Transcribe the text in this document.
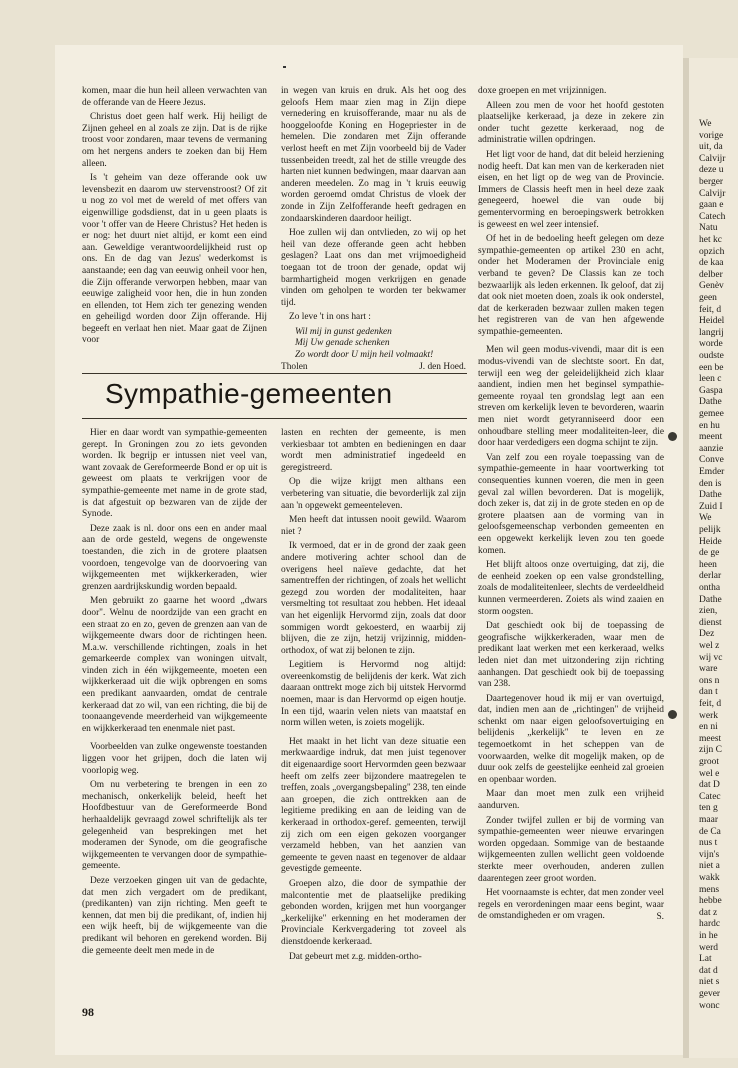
komen, maar die hun heil alleen verwachten van de offerande van de Heere Jezus.

Christus doet geen half werk. Hij heiligt de Zijnen geheel en al zoals ze zijn. Dat is de rijke troost voor zondaren, maar tevens de vermaning om het nergens anders te zoeken dan bij Hem alleen.

Is 't geheim van deze offerande ook uw levensbezit en daarom uw stervenstroost? Of zit u nog zo vol met de wereld of met offers van eigenwillige godsdienst, dat in u geen plaats is voor 't offer van de Heere Christus? Het heden is er nog: het duurt niet altijd, er komt een eind aan. Geweldige verantwoordelijkheid rust op ons. En de dag van Jezus' wederkomst is aanstaande; een dag van eeuwig onheil voor hen, die Zijn offerande verworpen hebben, maar van eeuwige zaligheid voor hen, die in hun zonden en ellenden, tot Hem zich ter genezing wenden en geheiligd worden door Zijn offerande. Hij begeeft en verlaat hen niet. Maar gaat de Zijnen voor

in wegen van kruis en druk. Als het oog des geloofs Hem maar zien mag in Zijn diepe vernedering en kruisofferande, maar nu als de hooggeloofde Koning en Hogepriester in de hemelen. Die zondaren met Zijn offerande verlost heeft en met Zijn voorbeeld bij de Vader tussenbeiden treedt, zal het de stille vreugde des harten niet kunnen bedwingen, maar daarvan aan anderen meedelen. Zo mag in 't kruis eeuwig worden geroemd omdat Christus de vloek der zonde in Zijn Zelfofferande heeft gedragen en zondaarskinderen daardoor heiligt.

Hoe zullen wij dan ontvlieden, zo wij op het heil van deze offerande geen acht hebben geslagen? Laat ons dan met vrijmoedigheid toegaan tot de troon der genade, opdat wij barmhartigheid mogen verkrijgen en genade vinden om geholpen te worden ter bekwamer tijd.

Zo leve 't in ons hart :

Wil mij in gunst gedenken

Mij Uw genade schenken

Zo wordt door U mijn heil volmaakt!

Tholen	J. den Hoed.
Sympathie-gemeenten

doxe groepen en met vrijzinnigen.

Alleen zou men de voor het hoofd gestoten plaatselijke kerkeraad, ja deze in zekere zin onder tucht gezette kerkeraad, nog de administratie willen opdringen.

Het ligt voor de hand, dat dit beleid herziening nodig heeft. Dat kan men van de kerkeraden niet eisen, en het ligt op de weg van de Provincie. Immers de Classis heeft men in heel deze zaak genegeerd, hoewel die van oude bij gementervorming en beroepingswerk betrokken is geweest en wel zeer intensief.

Of het in de bedoeling heeft gelegen om deze sympathie-gemeenten op artikel 230 en acht, onder het Moderamen der Provinciale enig verband te geven? De Classis kan ze toch bezwaarlijk als leden erkennen. Ik geloof, dat zij dat ook niet moeten doen, zoals ik ook onderstel, dat de kerkeraden bezwaar zullen maken tegen het registreren van de van hen afgewende sympathie-gemeenten.

Men wil geen modus-vivendi, maar dit is een modus-vivendi van de slechtste soort. En dat, terwijl een weg der geleidelijkheid zich klaar aandient, indien men het beginsel sympathie-gemeente royaal ten grondslag legt aan een streven om kerkelijk leven te bevorderen, waarin men niet wordt getyranniseerd door een onhoudbare stelling meer modaliteiten-leer, die door haar verdedigers een dogma schijnt te zijn.

Van zelf zou een royale toepassing van de sympathie-gemeente in haar voortwerking tot consequenties kunnen voeren, die men in geen geval zal willen bevorderen. Dat is mogelijk, doch zeker is, dat zij in de grote steden en op de grotere plaatsen aan de vorming van in geloofsgemeenschap verbonden gemeenten en een opgewekt kerkelijk leven zou ten goede komen.

Het blijft altoos onze overtuiging, dat zij, die de eenheid zoeken op een valse grondstelling, zoals de modaliteitenleer, slechts de verdeeldheid kunnen vermeerderen. Zoiets als wind zaaien en storm oogsten.

Dat geschiedt ook bij de toepassing de geografische wijkkerkeraden, waar men de predikant laat werken met een kerkeraad, welks leden niet dan met uitzondering zijn richting aanhangen. Dat geschiedt ook bij de toepassing van 238.

Daartegenover houd ik mij er van overtuigd, dat, indien men aan de „richtingen" de vrijheid schenkt om naar eigen geloofsovertuiging en belijdenis „kerkelijk" te leven en ze tegemoetkomt in het scheppen van de voorwaarden, welke dit mogelijk maken, op de duur ook zelfs de geestelijke eenheid zal groeien en openbaar worden.

Maar dan moet men zulk een vrijheid aandurven.

Zonder twijfel zullen er bij de vorming van sympathie-gemeenten weer nieuwe ervaringen worden opgedaan. Sommige van de bestaande wijkgemeenten zullen wellicht geen voldoende sterkte meer overhouden, anderen zullen daarentegen zeer groot worden.

Het voornaamste is echter, dat men zonder veel regels en verordeningen maar eens begint, waar de omstandigheden er om vragen.	S.

Hier en daar wordt van sympathie-gemeenten gerept. In Groningen zou zo iets gevonden worden. Ik begrijp er intussen niet veel van, want zovaak de Gereformeerde Bond er op uit is geweest om plaats te verkrijgen voor de sympathie-gemeente met name in de grote stad, is dat afgestuit op bezwaren van de zijde der Synode.

Deze zaak is nl. door ons een en ander maal aan de orde gesteld, wegens de ongewenste toestanden, die zich in de grotere plaatsen voordoen, tengevolge van de doorvoering van wijkgemeenten met wijkkerkeraden, wier grenzen aardrijkskundig worden bepaald.

Men gebruikt zo gaarne het woord „dwars door". Welnu de noordzijde van een gracht en een straat zo en zo, geven de grenzen aan van de wijkgemeente dwars door de richtingen heen. M.a.w. verschillende richtingen, zoals in het gemarkeerde complex van woningen uitvalt, vinden zich in één wijkgemeente, moeten een wijkkerkeraad uit die wijk opbrengen en soms een predikant aanvaarden, omdat de centrale kerkeraad dat zo wil, van een richting, die bij de toonaangevende meerderheid van wijkgemeente en wijkkerkeraad ten enenmale niet past.

Voorbeelden van zulke ongewenste toestanden liggen voor het grijpen, doch die laten wij voorlopig weg.

Om nu verbetering te brengen in een zo mechanisch, onkerkelijk beleid, heeft het Hoofdbestuur van de Gereformeerde Bond herhaaldelijk gevraagd zowel schriftelijk als ter gelegenheid van besprekingen met het moderamen der Synode, om die geografische wijkgemeenten te vervangen door de sympathie-gemeente.

Deze verzoeken gingen uit van de gedachte, dat men zich vergadert om de predikant, (predikanten) van zijn richting. Men geeft te kennen, dat men bij die predikant, of, indien hij een wijk heeft, bij de wijkgemeente van die predikant wil behoren en gerekend worden. Bij die gemeente deelt men mede in de

lasten en rechten der gemeente, is men verkiesbaar tot ambten en bedieningen en daar wordt men administratief ingedeeld en geregistreerd.

Op die wijze krijgt men althans een verbetering van situatie, die bevorderlijk zal zijn aan 'n opgewekt gemeenteleven.

Men heeft dat intussen nooit gewild. Waarom niet ?

Ik vermoed, dat er in de grond der zaak geen andere motivering achter school dan de overigens heel naïeve gedachte, dat het samentreffen der richtingen, of zoals het wellicht gezegd zou worden der modaliteiten, haar versmelting tot resultaat zou hebben. Het ideaal van het eigenlijk Hervormd zijn, zoals dat door sommigen wordt gekoesterd, en waarbij zij blijven, die ze zijn, hetzij vrijzinnig, midden-orthodox, of wat zij belonen te zijn.

Legitiem is Hervormd nog altijd: overeenkomstig de belijdenis der kerk. Wat zich daaraan onttrekt moge zich bij uitstek Hervormd noemen, maar is dan Hervormd op eigen houtje. In een tijd, waarin velen niets van maatstaf en norm willen weten, is zoiets mogelijk.

Het maakt in het licht van deze situatie een merkwaardige indruk, dat men juist tegenover dit eigenaardige soort Hervormden geen bezwaar heeft om zelfs zeer bijzondere maatregelen te treffen, zoals „overgangsbepaling" 238, ten einde aan groepen, die zich onttrekken aan de legitieme prediking en aan de leiding van de kerkeraad in orthodox-geref. gemeenten, terwijl zij zich om een eigen gekozen voorganger verzameld hebben, van het aanzien van gemeente te geven naast en tegenover de aldaar gevestigde gemeente.

Groepen alzo, die door de sympathie der malcontentie met de plaatselijke prediking gebonden worden, krijgen met hun voorganger „kerkelijke" erkenning en het moderamen der Provinciale Kerkvergadering tot zoveel als dienstdoende kerkeraad.

Dat gebeurt met z.g. midden-ortho-

98

We

vorige

uit, da

Calvijr

deze u

berger

Calvijr

gaan e

Catech

Natu

het kc

opzich

de kaa

delber

Genèv

geen

feit, d

Heidel

langrij

worde

oudste

een be

leen c

Gaspa

Dathe

gemee

en hu

meent

aanzie

Conve

Emder

den is

Dathe

Zuid I

We

pelijk

Heide

de ge

heen

derlar

ontha

Dathe

zien,

dienst

Dez

wel z

wij vc

ware

ons n

dan t

feit, d

werk

en ni

meest

zijn C

groot

wel e

dat D

Catec

ten g

maar

de Ca

nus t

vijn's

niet a

wakk

mens

hebbe

dat z

hardc

in he

werd

Lat

dat d

niet s

gever

wonc
